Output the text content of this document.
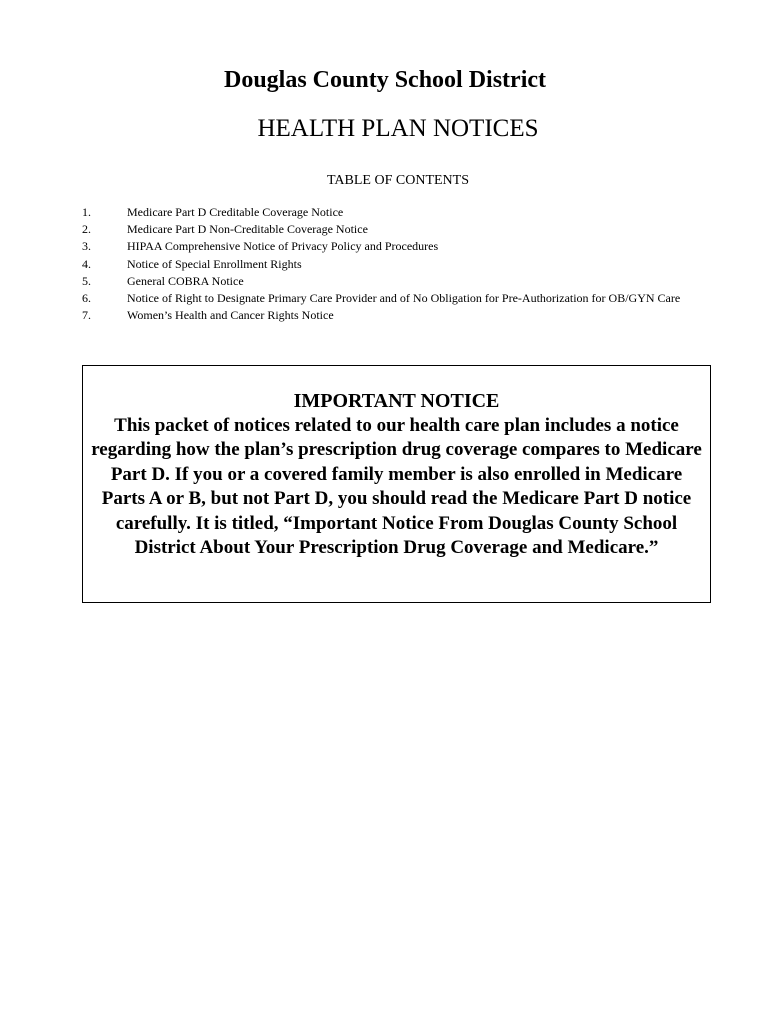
Douglas County School District
HEALTH PLAN NOTICES
TABLE OF CONTENTS
1.	Medicare Part D Creditable Coverage Notice
2.	Medicare Part D Non-Creditable Coverage Notice
3.	HIPAA Comprehensive Notice of Privacy Policy and Procedures
4.	Notice of Special Enrollment Rights
5.	General COBRA Notice
6.	Notice of Right to Designate Primary Care Provider and of No Obligation for Pre-Authorization for OB/GYN Care
7.	Women’s Health and Cancer Rights Notice
IMPORTANT NOTICE
This packet of notices related to our health care plan includes a notice regarding how the plan’s prescription drug coverage compares to Medicare Part D. If you or a covered family member is also enrolled in Medicare Parts A or B, but not Part D, you should read the Medicare Part D notice carefully. It is titled, “Important Notice From Douglas County School District About Your Prescription Drug Coverage and Medicare.”
